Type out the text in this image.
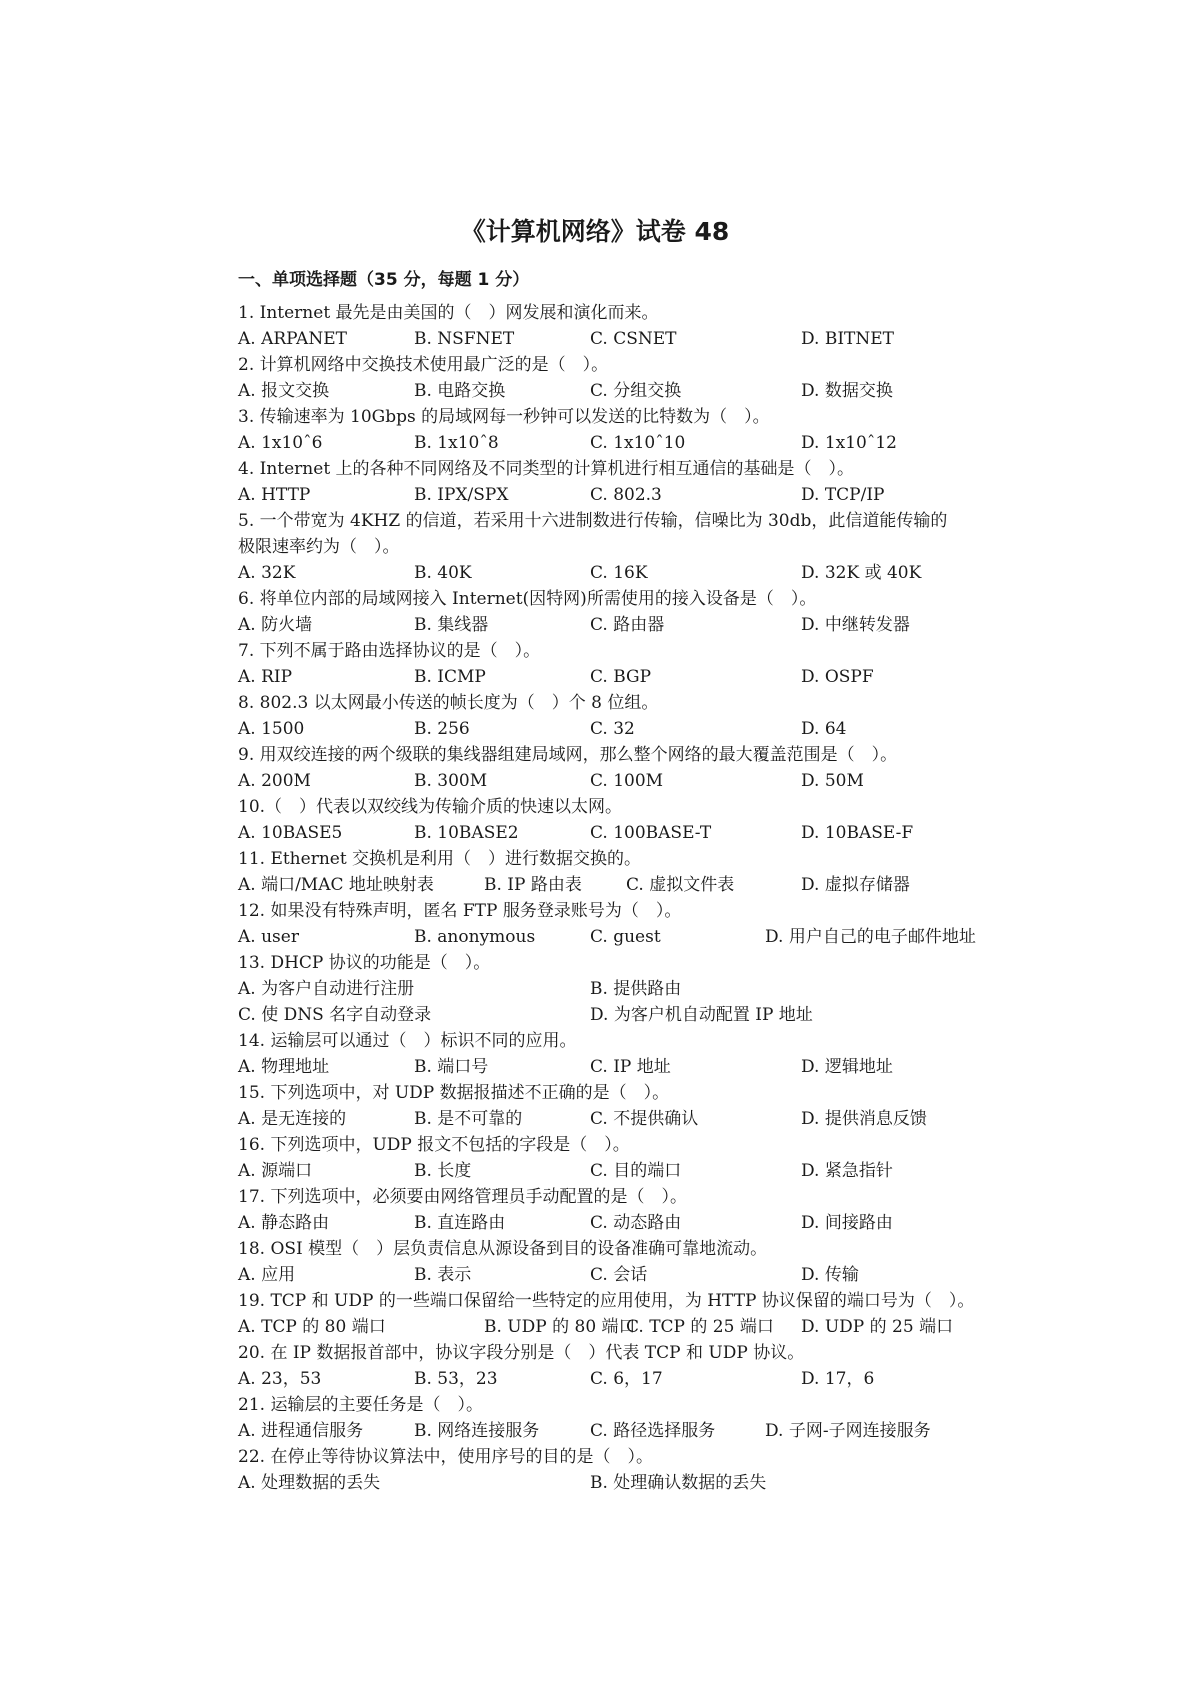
《计算机网络》试卷 48
一、单项选择题（35 分，每题 1 分）
1. Internet 最先是由美国的（　）网发展和演化而来。
A. ARPANET	B. NSFNET	C. CSNET	D. BITNET
2. 计算机网络中交换技术使用最广泛的是（　）。
A. 报文交换	B. 电路交换	C. 分组交换	D. 数据交换
3. 传输速率为 10Gbps 的局域网每一秒钟可以发送的比特数为（　）。
A. 1x10ˆ6	B. 1x10ˆ8	C. 1x10ˆ10	D. 1x10ˆ12
4. Internet 上的各种不同网络及不同类型的计算机进行相互通信的基础是（　）。
A. HTTP	B. IPX/SPX	C. 802.3	D. TCP/IP
5. 一个带宽为 4KHZ 的信道，若采用十六进制数进行传输，信噪比为 30db，此信道能传输的
极限速率约为（　）。
A. 32K	B. 40K	C. 16K	D. 32K 或 40K
6. 将单位内部的局域网接入 Internet(因特网)所需使用的接入设备是（　）。
A. 防火墙	B. 集线器	C. 路由器	D. 中继转发器
7. 下列不属于路由选择协议的是（　）。
A. RIP	B. ICMP	C. BGP	D. OSPF
8. 802.3 以太网最小传送的帧长度为（　）个 8 位组。
A. 1500	B. 256	C. 32	D. 64
9. 用双绞连接的两个级联的集线器组建局域网，那么整个网络的最大覆盖范围是（　）。
A. 200M	B. 300M	C. 100M	D. 50M
10.（　）代表以双绞线为传输介质的快速以太网。
A. 10BASE5	B. 10BASE2	C. 100BASE-T	D. 10BASE-F
11. Ethernet 交换机是利用（　）进行数据交换的。
A. 端口/MAC 地址映射表	B. IP 路由表	C. 虚拟文件表	D. 虚拟存储器
12. 如果没有特殊声明，匿名 FTP 服务登录账号为（　）。
A. user	B. anonymous	C. guest	D. 用户自己的电子邮件地址
13. DHCP 协议的功能是（　）。
A. 为客户自动进行注册	B. 提供路由
C. 使 DNS 名字自动登录	D. 为客户机自动配置 IP 地址
14. 运输层可以通过（　）标识不同的应用。
A. 物理地址	B. 端口号	C. IP 地址	D. 逻辑地址
15. 下列选项中，对 UDP 数据报描述不正确的是（　）。
A. 是无连接的	B. 是不可靠的	C. 不提供确认	D. 提供消息反馈
16. 下列选项中，UDP 报文不包括的字段是（　）。
A. 源端口	B. 长度	C. 目的端口	D. 紧急指针
17. 下列选项中，必须要由网络管理员手动配置的是（　）。
A. 静态路由	B. 直连路由	C. 动态路由	D. 间接路由
18. OSI 模型（　）层负责信息从源设备到目的设备准确可靠地流动。
A. 应用	B. 表示	C. 会话	D. 传输
19. TCP 和 UDP 的一些端口保留给一些特定的应用使用，为 HTTP 协议保留的端口号为（　）。
A. TCP 的 80 端口	B. UDP 的 80 端口
C. TCP 的 25 端口 D. UDP 的 25 端口
20. 在 IP 数据报首部中，协议字段分别是（　）代表 TCP 和 UDP 协议。
A. 23，53	B. 53，23	C. 6，17	D. 17，6
21. 运输层的主要任务是（　）。
A. 进程通信服务	B. 网络连接服务	C. 路径选择服务	D. 子网-子网连接服务
22. 在停止等待协议算法中，使用序号的目的是（　）。
A. 处理数据的丢失	B. 处理确认数据的丢失
